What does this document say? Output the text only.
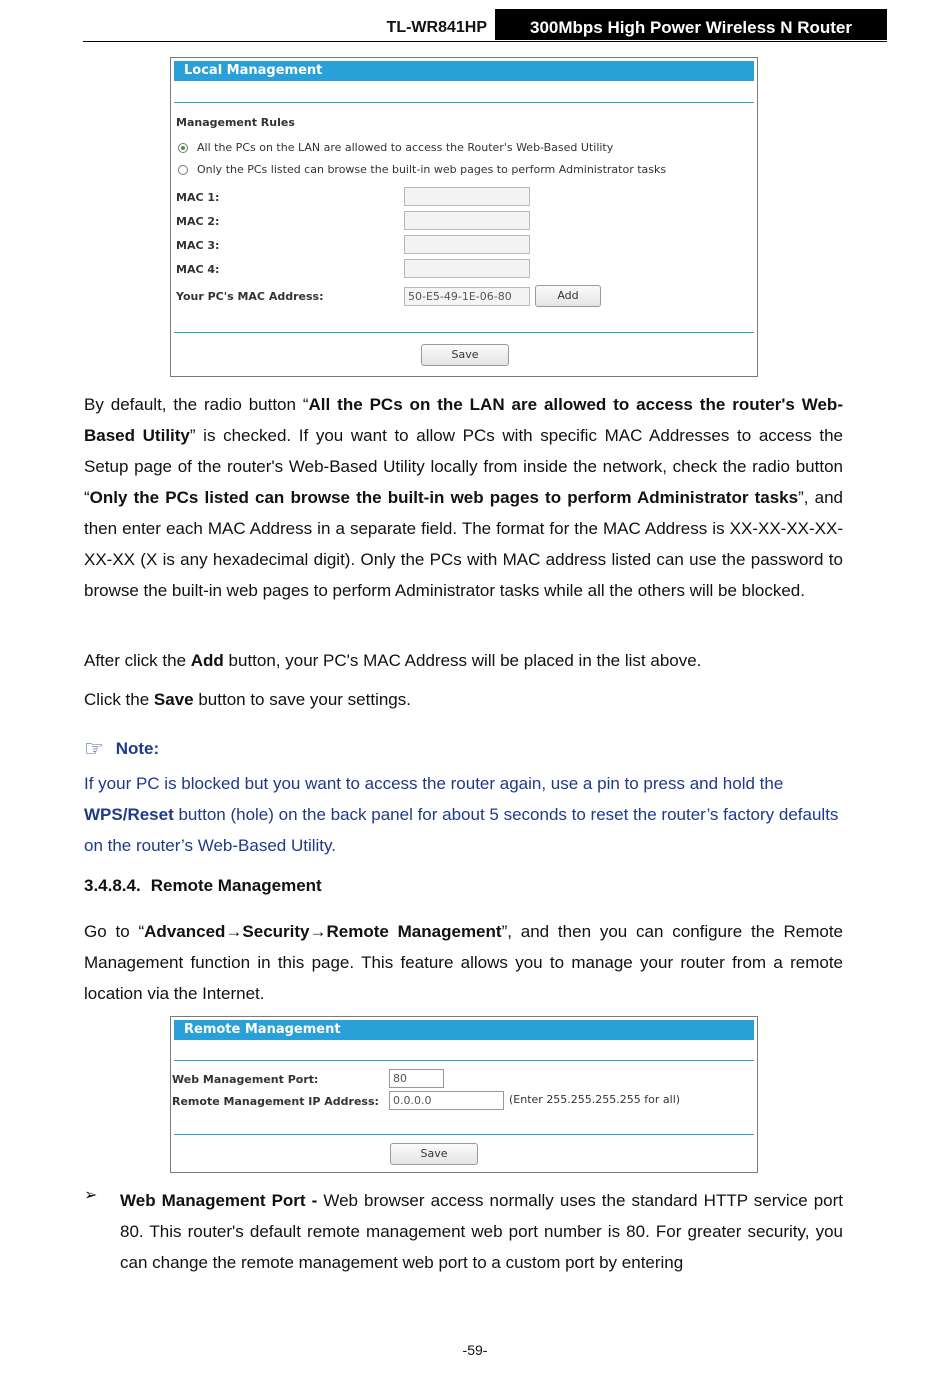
TL-WR841HP	300Mbps High Power Wireless N Router
Local Management
Management Rules
All the PCs on the LAN are allowed to access the Router's Web-Based Utility
Only the PCs listed can browse the built-in web pages to perform Administrator tasks
MAC 1:
MAC 2:
MAC 3:
MAC 4:
Your PC's MAC Address:	50-E5-49-1E-06-80	Add
Save
By default, the radio button “All the PCs on the LAN are allowed to access the router's Web-Based Utility” is checked. If you want to allow PCs with specific MAC Addresses to access the Setup page of the router's Web-Based Utility locally from inside the network, check the radio button “Only the PCs listed can browse the built-in web pages to perform Administrator tasks”, and then enter each MAC Address in a separate field. The format for the MAC Address is XX-XX-XX-XX-XX-XX (X is any hexadecimal digit). Only the PCs with MAC address listed can use the password to browse the built-in web pages to perform Administrator tasks while all the others will be blocked.
After click the Add button, your PC's MAC Address will be placed in the list above.
Click the Save button to save your settings.
☞ Note:
If your PC is blocked but you want to access the router again, use a pin to press and hold the WPS/Reset button (hole) on the back panel for about 5 seconds to reset the router’s factory defaults on the router’s Web-Based Utility.
3.4.8.4. Remote Management
Go to “Advanced→Security→Remote Management”, and then you can configure the Remote Management function in this page. This feature allows you to manage your router from a remote location via the Internet.
Remote Management
Web Management Port:	80
Remote Management IP Address:	0.0.0.0	(Enter 255.255.255.255 for all)
Save
➢ Web Management Port - Web browser access normally uses the standard HTTP service port 80. This router's default remote management web port number is 80. For greater security, you can change the remote management web port to a custom port by entering
-59-
